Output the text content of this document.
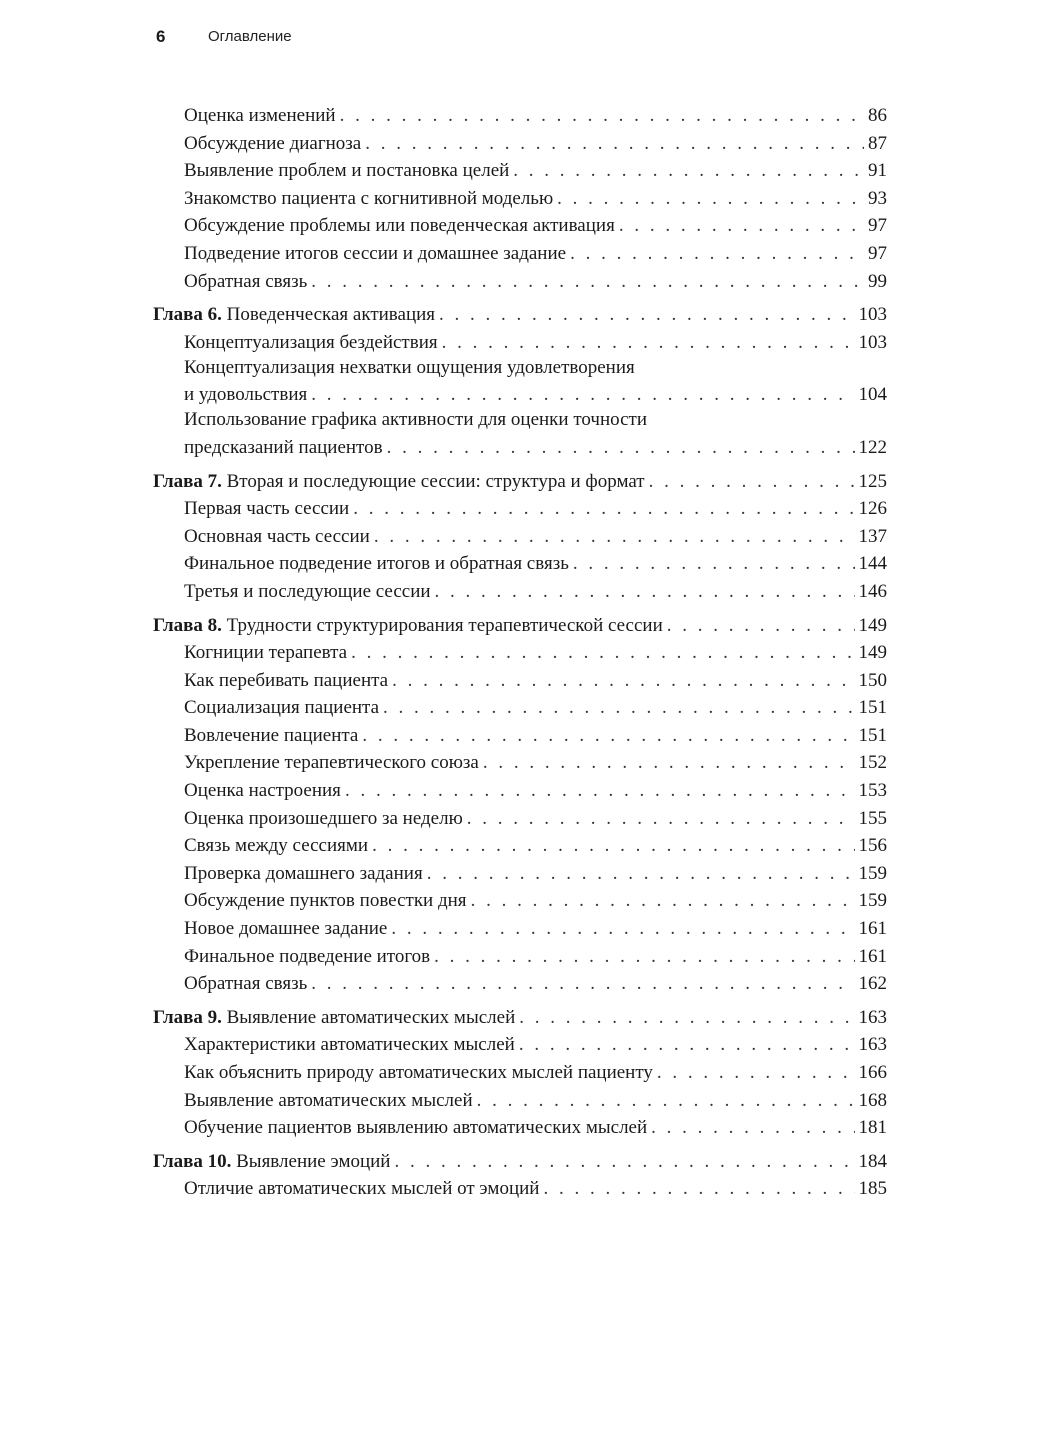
6	Оглавление
Оценка изменений . . .	86
Обсуждение диагноза . . .	87
Выявление проблем и постановка целей . . .	91
Знакомство пациента с когнитивной моделью . . .	93
Обсуждение проблемы или поведенческая активация . . .	97
Подведение итогов сессии и домашнее задание . . .	97
Обратная связь . . .	99
Глава 6. Поведенческая активация . . .	103
Концептуализация бездействия . . .	103
Концептуализация нехватки ощущения удовлетворения
и удовольствия . . .	104
Использование графика активности для оценки точности
предсказаний пациентов . . .	122
Глава 7. Вторая и последующие сессии: структура и формат . . .	125
Первая часть сессии . . .	126
Основная часть сессии . . .	137
Финальное подведение итогов и обратная связь . . .	144
Третья и последующие сессии . . .	146
Глава 8. Трудности структурирования терапевтической сессии . . .	149
Когниции терапевта . . .	149
Как перебивать пациента . . .	150
Социализация пациента . . .	151
Вовлечение пациента . . .	151
Укрепление терапевтического союза . . .	152
Оценка настроения . . .	153
Оценка произошедшего за неделю . . .	155
Связь между сессиями . . .	156
Проверка домашнего задания . . .	159
Обсуждение пунктов повестки дня . . .	159
Новое домашнее задание . . .	161
Финальное подведение итогов . . .	161
Обратная связь . . .	162
Глава 9. Выявление автоматических мыслей . . .	163
Характеристики автоматических мыслей . . .	163
Как объяснить природу автоматических мыслей пациенту . . .	166
Выявление автоматических мыслей . . .	168
Обучение пациентов выявлению автоматических мыслей . . .	181
Глава 10. Выявление эмоций . . .	184
Отличие автоматических мыслей от эмоций . . .	185
